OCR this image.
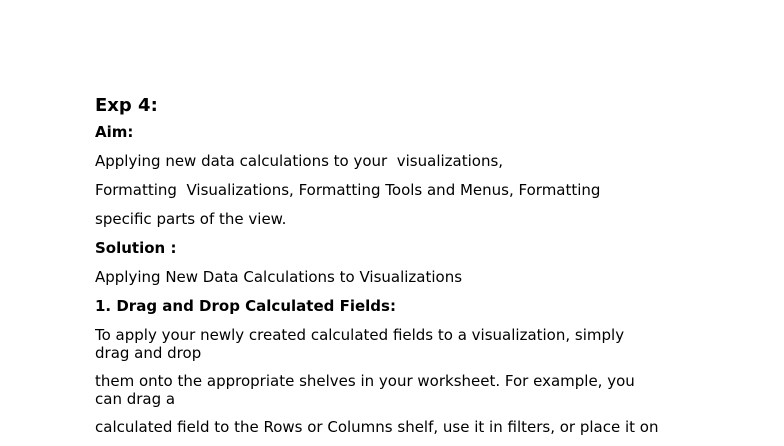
Exp 4:
Aim:
Applying new data calculations to your  visualizations,
Formatting  Visualizations, Formatting Tools and Menus, Formatting
specific parts of the view.
Solution :
Applying New Data Calculations to Visualizations
1. Drag and Drop Calculated Fields:
To apply your newly created calculated fields to a visualization, simply
drag and drop
them onto the appropriate shelves in your worksheet. For example, you
can drag a
calculated field to the Rows or Columns shelf, use it in filters, or place it on
